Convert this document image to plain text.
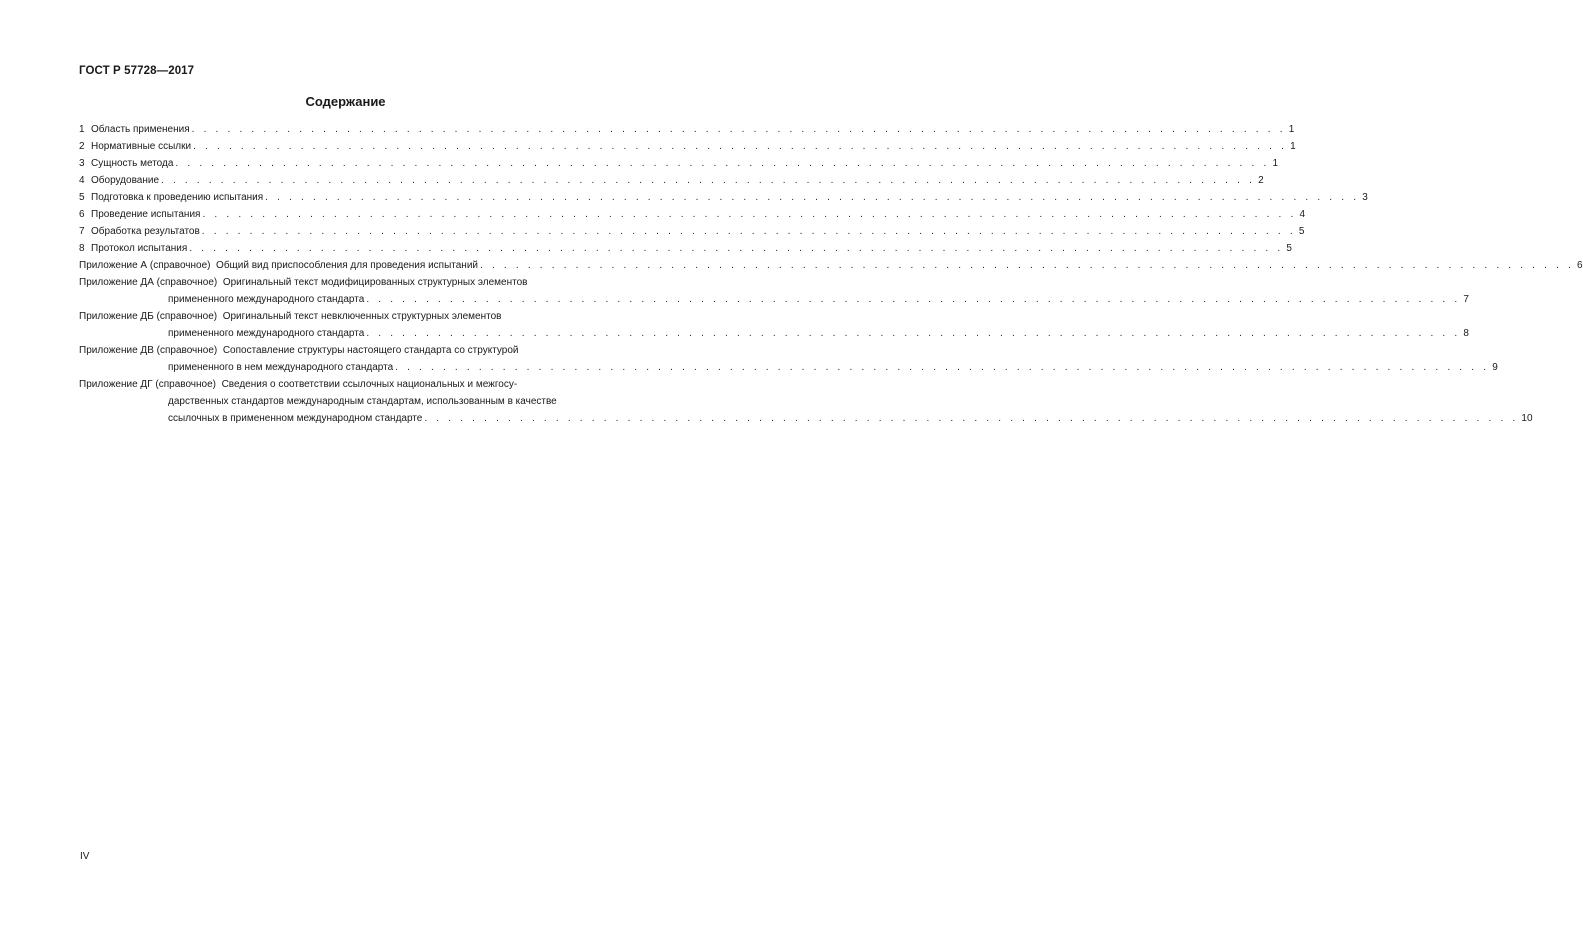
ГОСТ Р 57728—2017
Содержание
1 Область применения . . . . . . . . . . . . . . . . . . . . . . . . . . . . . . . . . . . . . . . . . . . . . . . . . . . . . . . . . . . . . . . . . . . . . . . . . . . . . . . . . . . . . . . . . . . . 1
2 Нормативные ссылки . . . . . . . . . . . . . . . . . . . . . . . . . . . . . . . . . . . . . . . . . . . . . . . . . . . . . . . . . . . . . . . . . . . . . . . . . . . . . . . . . . . . . . . . . . . . 1
3 Сущность метода . . . . . . . . . . . . . . . . . . . . . . . . . . . . . . . . . . . . . . . . . . . . . . . . . . . . . . . . . . . . . . . . . . . . . . . . . . . . . . . . . . . . . . . . . . . . 1
4 Оборудование . . . . . . . . . . . . . . . . . . . . . . . . . . . . . . . . . . . . . . . . . . . . . . . . . . . . . . . . . . . . . . . . . . . . . . . . . . . . . . . . . . . . . . . . . . . . 2
5 Подготовка к проведению испытания . . . . . . . . . . . . . . . . . . . . . . . . . . . . . . . . . . . . . . . . . . . . . . . . . . . . . . . . . . . . . . . . . . . . . . . . . . . . . . . . . . . . . . . . . . . . 3
6 Проведение испытания . . . . . . . . . . . . . . . . . . . . . . . . . . . . . . . . . . . . . . . . . . . . . . . . . . . . . . . . . . . . . . . . . . . . . . . . . . . . . . . . . . . . . . . . . . . . 4
7 Обработка результатов . . . . . . . . . . . . . . . . . . . . . . . . . . . . . . . . . . . . . . . . . . . . . . . . . . . . . . . . . . . . . . . . . . . . . . . . . . . . . . . . . . . . . . . . . . . . 5
8 Протокол испытания . . . . . . . . . . . . . . . . . . . . . . . . . . . . . . . . . . . . . . . . . . . . . . . . . . . . . . . . . . . . . . . . . . . . . . . . . . . . . . . . . . . . . . . . . . . . 5
Приложение А (справочное) Общий вид приспособления для проведения испытаний . . . . . . . . . . . . . . . . . . . . . . . . . . . . . . . . . . . . . . . . . . . . . . . . . . . . . . . . . . . . . . . . . . . . . . . . . . . . . . . . . . . . . . . . . . . . 6
Приложение ДА (справочное) Оригинальный текст модифицированных структурных элементов
примененного международного стандарта . . . . . . . . . . . . . . . . . . . . . . . . . . . . . . . . . . . . . . . . . . . . . . . . . . . . . . . . . . . . . . . . . . . . . . . . . . . . . . . . . . . . . . . . . . . . 7
Приложение ДБ (справочное) Оригинальный текст невключенных структурных элементов
примененного международного стандарта . . . . . . . . . . . . . . . . . . . . . . . . . . . . . . . . . . . . . . . . . . . . . . . . . . . . . . . . . . . . . . . . . . . . . . . . . . . . . . . . . . . . . . . . . . . . 8
Приложение ДВ (справочное) Сопоставление структуры настоящего стандарта со структурой
примененного в нем международного стандарта . . . . . . . . . . . . . . . . . . . . . . . . . . . . . . . . . . . . . . . . . . . . . . . . . . . . . . . . . . . . . . . . . . . . . . . . . . . . . . . . . . . . . . . . . . . . 9
Приложение ДГ (справочное) Сведения о соответствии ссылочных национальных и межгосу-
дарственных стандартов международным стандартам, использованным в качестве
ссылочных в примененном международном стандарте . . . . . . . . . . . . . . . . . . . . . . . . . . . . . . . . . . . . . . . . . . . . . . . . . . . . . . . . . . . . . . . . . . . . . . . . . . . . . . . . . . . . . . . . . . . . 10
IV
